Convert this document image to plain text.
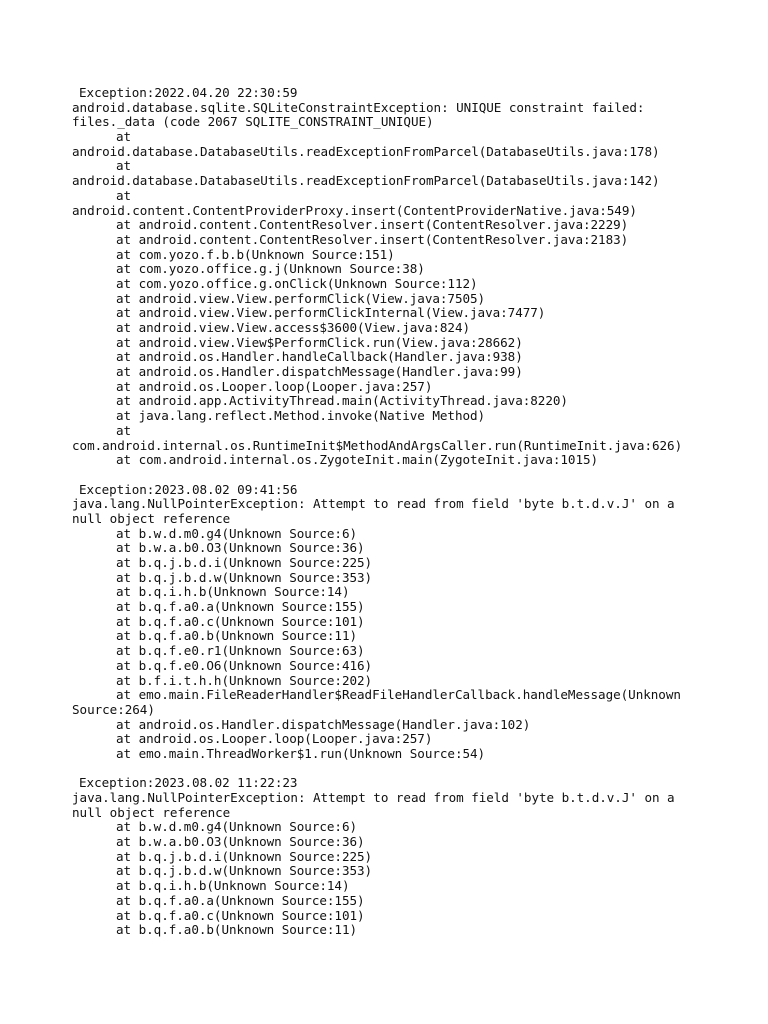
Exception:2022.04.20 22:30:59
android.database.sqlite.SQLiteConstraintException: UNIQUE constraint failed:
files._data (code 2067 SQLITE_CONSTRAINT_UNIQUE)
at
android.database.DatabaseUtils.readExceptionFromParcel(DatabaseUtils.java:178)
at
android.database.DatabaseUtils.readExceptionFromParcel(DatabaseUtils.java:142)
at
android.content.ContentProviderProxy.insert(ContentProviderNative.java:549)
at android.content.ContentResolver.insert(ContentResolver.java:2229)
at android.content.ContentResolver.insert(ContentResolver.java:2183)
at com.yozo.f.b.b(Unknown Source:151)
at com.yozo.office.g.j(Unknown Source:38)
at com.yozo.office.g.onClick(Unknown Source:112)
at android.view.View.performClick(View.java:7505)
at android.view.View.performClickInternal(View.java:7477)
at android.view.View.access$3600(View.java:824)
at android.view.View$PerformClick.run(View.java:28662)
at android.os.Handler.handleCallback(Handler.java:938)
at android.os.Handler.dispatchMessage(Handler.java:99)
at android.os.Looper.loop(Looper.java:257)
at android.app.ActivityThread.main(ActivityThread.java:8220)
at java.lang.reflect.Method.invoke(Native Method)
at
com.android.internal.os.RuntimeInit$MethodAndArgsCaller.run(RuntimeInit.java:626)
at com.android.internal.os.ZygoteInit.main(ZygoteInit.java:1015)
Exception:2023.08.02 09:41:56
java.lang.NullPointerException: Attempt to read from field 'byte b.t.d.v.J' on a
null object reference
at b.w.d.m0.g4(Unknown Source:6)
at b.w.a.b0.O3(Unknown Source:36)
at b.q.j.b.d.i(Unknown Source:225)
at b.q.j.b.d.w(Unknown Source:353)
at b.q.i.h.b(Unknown Source:14)
at b.q.f.a0.a(Unknown Source:155)
at b.q.f.a0.c(Unknown Source:101)
at b.q.f.a0.b(Unknown Source:11)
at b.q.f.e0.r1(Unknown Source:63)
at b.q.f.e0.O6(Unknown Source:416)
at b.f.i.t.h.h(Unknown Source:202)
at emo.main.FileReaderHandler$ReadFileHandlerCallback.handleMessage(Unknown
Source:264)
at android.os.Handler.dispatchMessage(Handler.java:102)
at android.os.Looper.loop(Looper.java:257)
at emo.main.ThreadWorker$1.run(Unknown Source:54)
Exception:2023.08.02 11:22:23
java.lang.NullPointerException: Attempt to read from field 'byte b.t.d.v.J' on a
null object reference
at b.w.d.m0.g4(Unknown Source:6)
at b.w.a.b0.O3(Unknown Source:36)
at b.q.j.b.d.i(Unknown Source:225)
at b.q.j.b.d.w(Unknown Source:353)
at b.q.i.h.b(Unknown Source:14)
at b.q.f.a0.a(Unknown Source:155)
at b.q.f.a0.c(Unknown Source:101)
at b.q.f.a0.b(Unknown Source:11)
